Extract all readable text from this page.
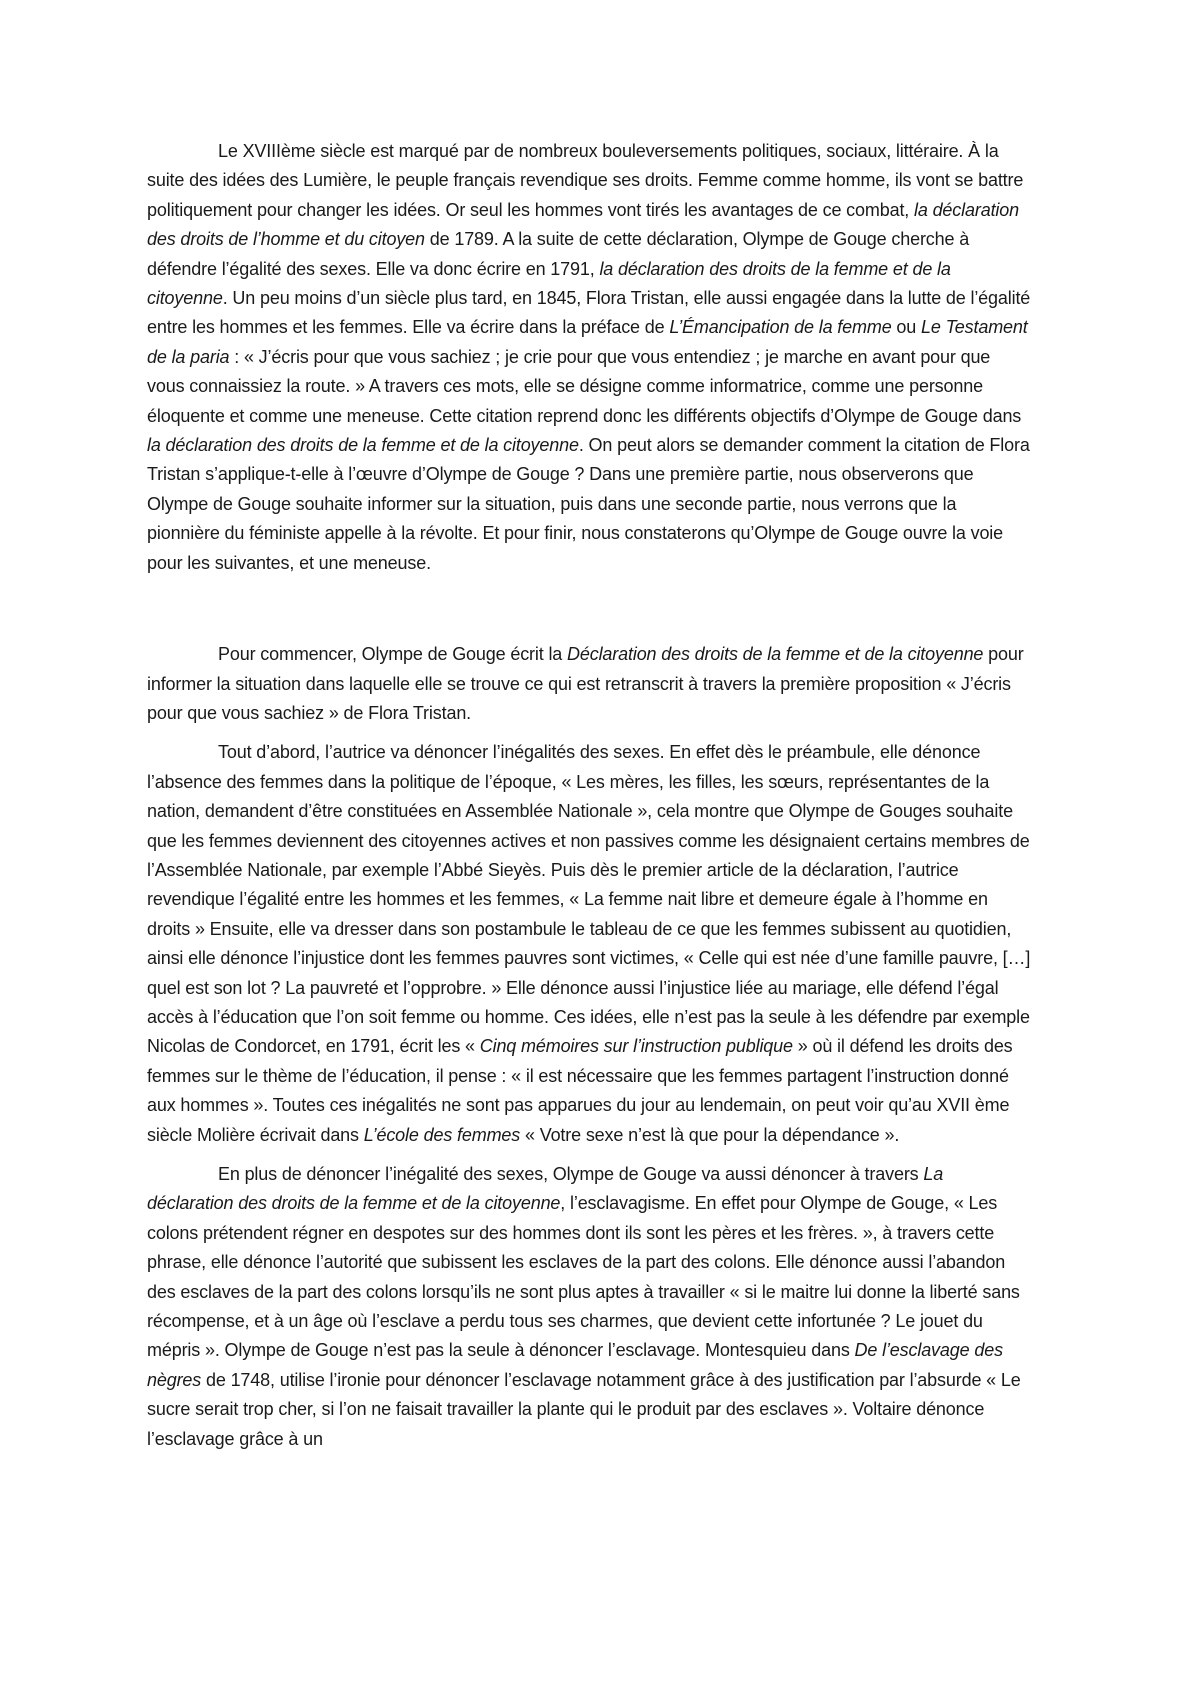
Le XVIIIème siècle est marqué par de nombreux bouleversements politiques, sociaux, littéraire. À la suite des idées des Lumière, le peuple français revendique ses droits. Femme comme homme, ils vont se battre politiquement pour changer les idées. Or seul les hommes vont tirés les avantages de ce combat, la déclaration des droits de l’homme et du citoyen de 1789. A la suite de cette déclaration, Olympe de Gouge cherche à défendre l’égalité des sexes. Elle va donc écrire en 1791, la déclaration des droits de la femme et de la citoyenne. Un peu moins d’un siècle plus tard, en 1845, Flora Tristan, elle aussi engagée dans la lutte de l’égalité entre les hommes et les femmes. Elle va écrire dans la préface de L’Émancipation de la femme ou Le Testament de la paria : « J’écris pour que vous sachiez ; je crie pour que vous entendiez ; je marche en avant pour que vous connaissiez la route. » A travers ces mots, elle se désigne comme informatrice, comme une personne éloquente et comme une meneuse. Cette citation reprend donc les différents objectifs d’Olympe de Gouge dans la déclaration des droits de la femme et de la citoyenne. On peut alors se demander comment la citation de Flora Tristan s’applique-t-elle à l’œuvre d’Olympe de Gouge ? Dans une première partie, nous observerons que Olympe de Gouge souhaite informer sur la situation, puis dans une seconde partie, nous verrons que la pionnière du féministe appelle à la révolte. Et pour finir, nous constaterons qu’Olympe de Gouge ouvre la voie pour les suivantes, et une meneuse.

Pour commencer, Olympe de Gouge écrit la Déclaration des droits de la femme et de la citoyenne pour informer la situation dans laquelle elle se trouve ce qui est retranscrit à travers la première proposition « J’écris pour que vous sachiez » de Flora Tristan.

Tout d’abord, l’autrice va dénoncer l’inégalités des sexes. En effet dès le préambule, elle dénonce l’absence des femmes dans la politique de l’époque, « Les mères, les filles, les sœurs, représentantes de la nation, demandent d’être constituées en Assemblée Nationale », cela montre que Olympe de Gouges souhaite que les femmes deviennent des citoyennes actives et non passives comme les désignaient certains membres de l’Assemblée Nationale, par exemple l’Abbé Sieyès. Puis dès le premier article de la déclaration, l’autrice revendique l’égalité entre les hommes et les femmes, « La femme nait libre et demeure égale à l’homme en droits » Ensuite, elle va dresser dans son postambule le tableau de ce que les femmes subissent au quotidien, ainsi elle dénonce l’injustice dont les femmes pauvres sont victimes, « Celle qui est née d’une famille pauvre, […] quel est son lot ? La pauvreté et l’opprobre. » Elle dénonce aussi l’injustice liée au mariage, elle défend l’égal accès à l’éducation que l’on soit femme ou homme. Ces idées, elle n’est pas la seule à les défendre par exemple Nicolas de Condorcet, en 1791, écrit les « Cinq mémoires sur l’instruction publique » où il défend les droits des femmes sur le thème de l’éducation, il pense : « il est nécessaire que les femmes partagent l’instruction donné aux hommes ». Toutes ces inégalités ne sont pas apparues du jour au lendemain, on peut voir qu’au XVII ème siècle Molière écrivait dans L’école des femmes « Votre sexe n’est là que pour la dépendance ».

En plus de dénoncer l’inégalité des sexes, Olympe de Gouge va aussi dénoncer à travers La déclaration des droits de la femme et de la citoyenne, l’esclavagisme. En effet pour Olympe de Gouge, « Les colons prétendent régner en despotes sur des hommes dont ils sont les pères et les frères. », à travers cette phrase, elle dénonce l’autorité que subissent les esclaves de la part des colons. Elle dénonce aussi l’abandon des esclaves de la part des colons lorsqu’ils ne sont plus aptes à travailler « si le maitre lui donne la liberté sans récompense, et à un âge où l’esclave a perdu tous ses charmes, que devient cette infortunée ? Le jouet du mépris ». Olympe de Gouge n’est pas la seule à dénoncer l’esclavage. Montesquieu dans De l’esclavage des nègres de 1748, utilise l’ironie pour dénoncer l’esclavage notamment grâce à des justification par l’absurde « Le sucre serait trop cher, si l’on ne faisait travailler la plante qui le produit par des esclaves ». Voltaire dénonce l’esclavage grâce à un
